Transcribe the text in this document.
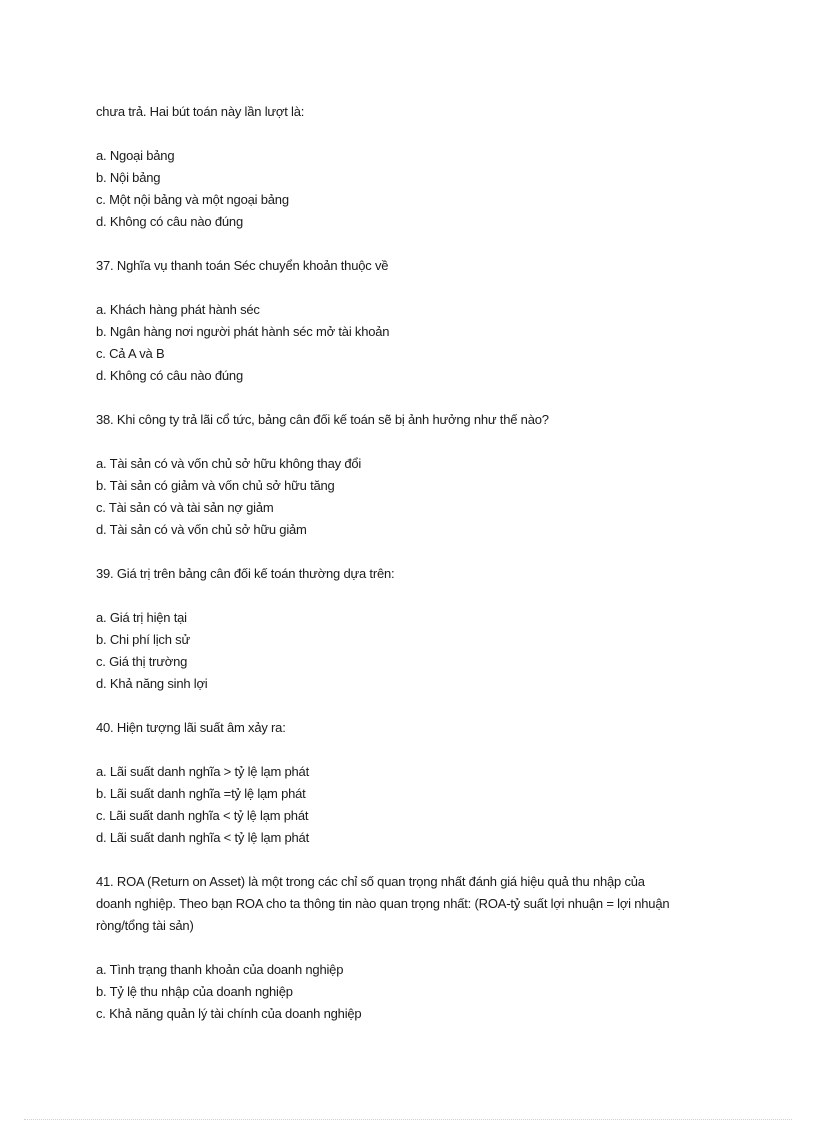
chưa trả. Hai bút toán này lần lượt là:
a. Ngoại bảng
b. Nội bảng
c. Một nội bảng và một ngoại bảng
d. Không có câu nào đúng
37. Nghĩa vụ thanh toán Séc chuyển khoản thuộc về
a. Khách hàng phát hành séc
b. Ngân hàng nơi người phát hành séc mở tài khoản
c. Cả A và B
d. Không có câu nào đúng
38. Khi công ty trả lãi cổ tức, bảng cân đối kế toán sẽ bị ảnh hưởng như thế nào?
a. Tài sản có và vốn chủ sở hữu không thay đổi
b. Tài sản có giảm và vốn chủ sở hữu tăng
c. Tài sản có và tài sản nợ giảm
d. Tài sản có và vốn chủ sở hữu giảm
39. Giá trị trên bảng cân đối kế toán thường dựa trên:
a. Giá trị hiện tại
b. Chi phí lịch sử
c. Giá thị trường
d. Khả năng sinh lợi
40. Hiện tượng lãi suất âm xảy ra:
a. Lãi suất danh nghĩa > tỷ lệ lạm phát
b. Lãi suất danh nghĩa =tỷ lệ lạm phát
c. Lãi suất danh nghĩa < tỷ lệ lạm phát
d. Lãi suất danh nghĩa < tỷ lệ lạm phát
41. ROA (Return on Asset) là một trong các chỉ số quan trọng nhất đánh giá hiệu quả thu nhập của
doanh nghiệp. Theo bạn ROA cho ta thông tin nào quan trọng nhất: (ROA-tỷ suất lợi nhuận = lợi nhuận
ròng/tổng tài sản)
a. Tình trạng thanh khoản của doanh nghiệp
b. Tỷ lệ thu nhập của doanh nghiệp
c. Khả năng quản lý tài chính của doanh nghiệp
